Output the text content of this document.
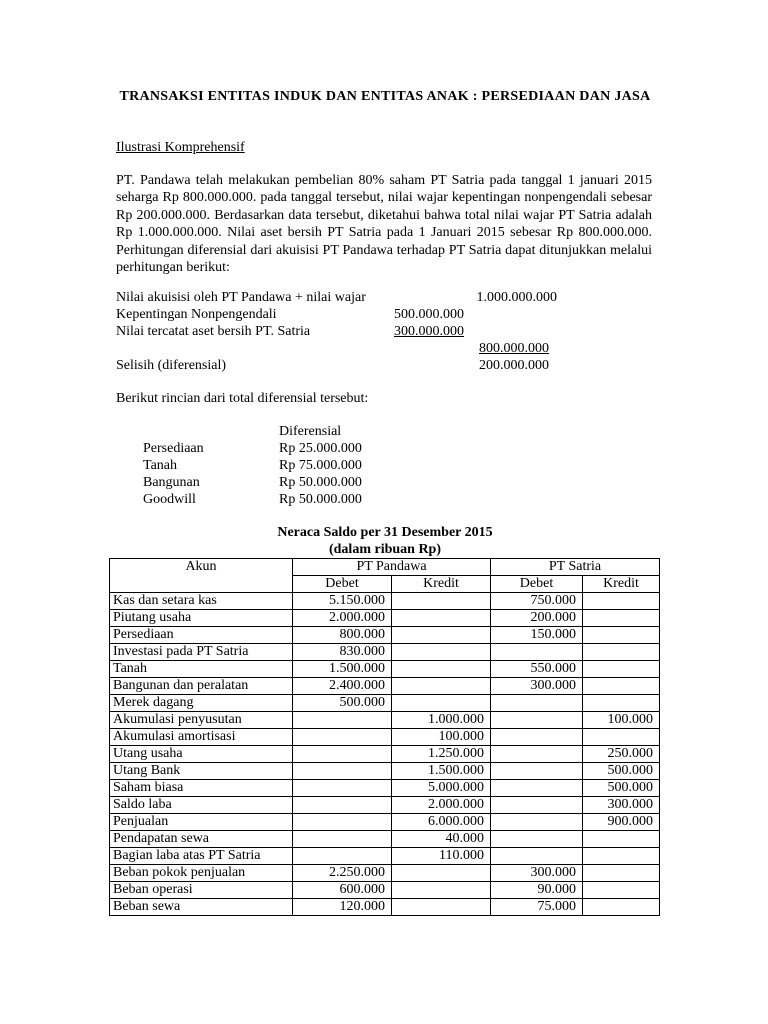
TRANSAKSI ENTITAS INDUK DAN ENTITAS ANAK : PERSEDIAAN DAN JASA
Ilustrasi Komprehensif
PT. Pandawa telah melakukan pembelian 80% saham PT Satria pada tanggal 1 januari 2015 seharga Rp 800.000.000. pada tanggal tersebut, nilai wajar kepentingan nonpengendali sebesar Rp 200.000.000. Berdasarkan data tersebut, diketahui bahwa total nilai wajar PT Satria adalah Rp 1.000.000.000. Nilai aset bersih PT Satria pada 1 Januari 2015 sebesar Rp 800.000.000. Perhitungan diferensial dari akuisisi PT Pandawa terhadap PT Satria dapat ditunjukkan melalui perhitungan berikut:
Nilai akuisisi oleh PT Pandawa + nilai wajar	1.000.000.000
Kepentingan Nonpengendali	500.000.000
Nilai tercatat aset bersih PT. Satria	300.000.000
800.000.000
Selisih (diferensial)	200.000.000
Berikut rincian dari total diferensial tersebut:
Diferensial
Persediaan	Rp 25.000.000
Tanah	Rp 75.000.000
Bangunan	Rp 50.000.000
Goodwill	Rp 50.000.000
Neraca Saldo per 31 Desember 2015
(dalam ribuan Rp)
Akun	PT Pandawa		PT Satria	
	Debet	Kredit	Debet	Kredit
Kas dan setara kas	5.150.000		750.000	
Piutang usaha	2.000.000		200.000	
Persediaan	800.000		150.000	
Investasi pada PT Satria	830.000			
Tanah	1.500.000		550.000	
Bangunan dan peralatan	2.400.000		300.000	
Merek dagang	500.000			
Akumulasi penyusutan		1.000.000		100.000
Akumulasi amortisasi		100.000		
Utang usaha		1.250.000		250.000
Utang Bank		1.500.000		500.000
Saham biasa		5.000.000		500.000
Saldo laba		2.000.000		300.000
Penjualan		6.000.000		900.000
Pendapatan sewa		40.000		
Bagian laba atas PT Satria		110.000		
Beban pokok penjualan	2.250.000		300.000	
Beban operasi	600.000		90.000	
Beban sewa	120.000		75.000	
